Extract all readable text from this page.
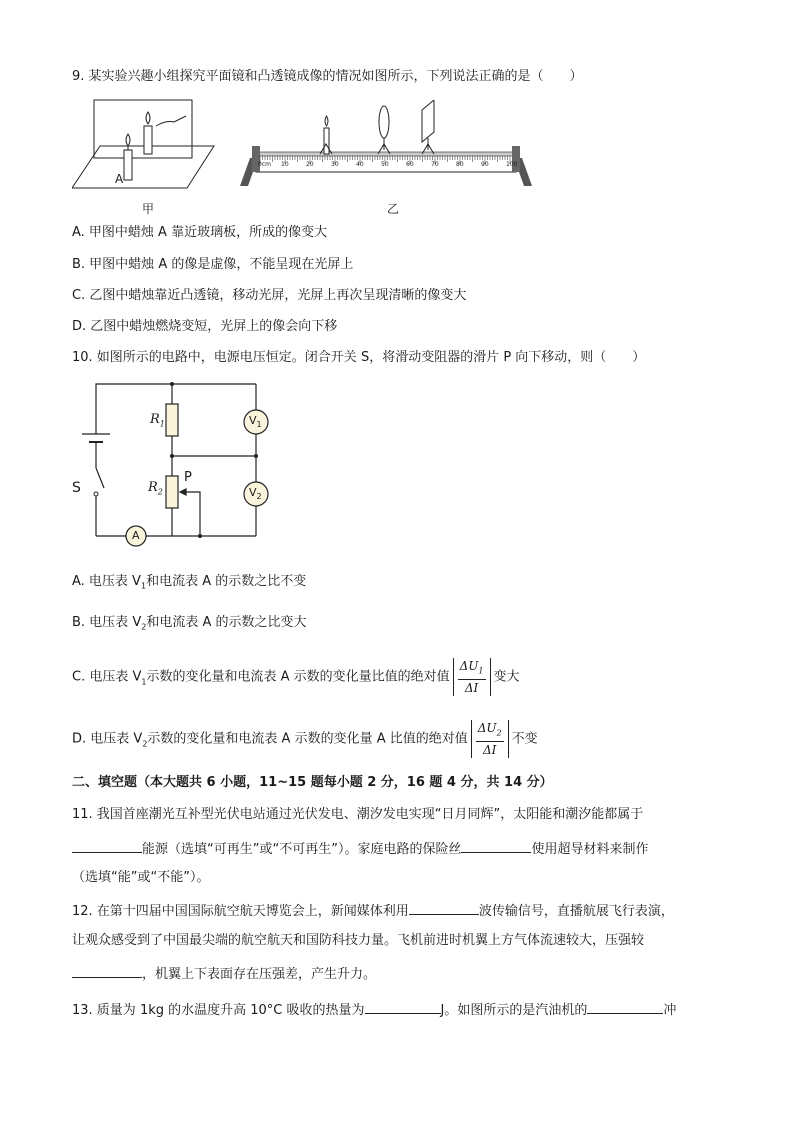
9. 某实验兴趣小组探究平面镜和凸透镜成像的情况如图所示，下列说法正确的是（　　）
A
0cm 10	20	30	40	50	60	70	80	90	100
甲	乙
A. 甲图中蜡烛 A 靠近玻璃板，所成的像变大
B. 甲图中蜡烛 A 的像是虚像，不能呈现在光屏上
C. 乙图中蜡烛靠近凸透镜，移动光屏，光屏上再次呈现清晰的像变大
D. 乙图中蜡烛燃烧变短，光屏上的像会向下移
10. 如图所示的电路中，电源电压恒定。闭合开关 S，将滑动变阻器的滑片 P 向下移动，则（　　）
$R_1$
$R_2$
P
S
A
$V_1$
$V_2$
A. 电压表 $V_1$和电流表 A 的示数之比不变
B. 电压表 $V_2$和电流表 A 的示数之比变大
C. 电压表 $V_1$示数的变化量和电流表 A 示数的变化量比值的绝对值 $\frac{\Delta U_1}{\Delta I}$ 变大
D. 电压表 $V_2$示数的变化量和电流表 A 示数的变化量 A 比值的绝对值 $\frac{\Delta U_2}{\Delta I}$ 不变
二、填空题（本大题共 6 小题，11~15 题每小题 2 分，16 题 4 分，共 14 分）
11. 我国首座潮光互补型光伏电站通过光伏发电、潮汐发电实现“日月同辉”，太阳能和潮汐能都属于
能源（选填“可再生”或“不可再生”）。家庭电路的保险丝	使用超导材料来制作
（选填“能”或“不能”）。
12. 在第十四届中国国际航空航天博览会上，新闻媒体利用	波传输信号，直播航展飞行表演，
让观众感受到了中国最尖端的航空航天和国防科技力量。飞机前进时机翼上方气体流速较大，压强较
，机翼上下表面存在压强差，产生升力。
13. 质量为 1kg 的水温度升高 10°C 吸收的热量为	J。如图所示的是汽油机的	冲
